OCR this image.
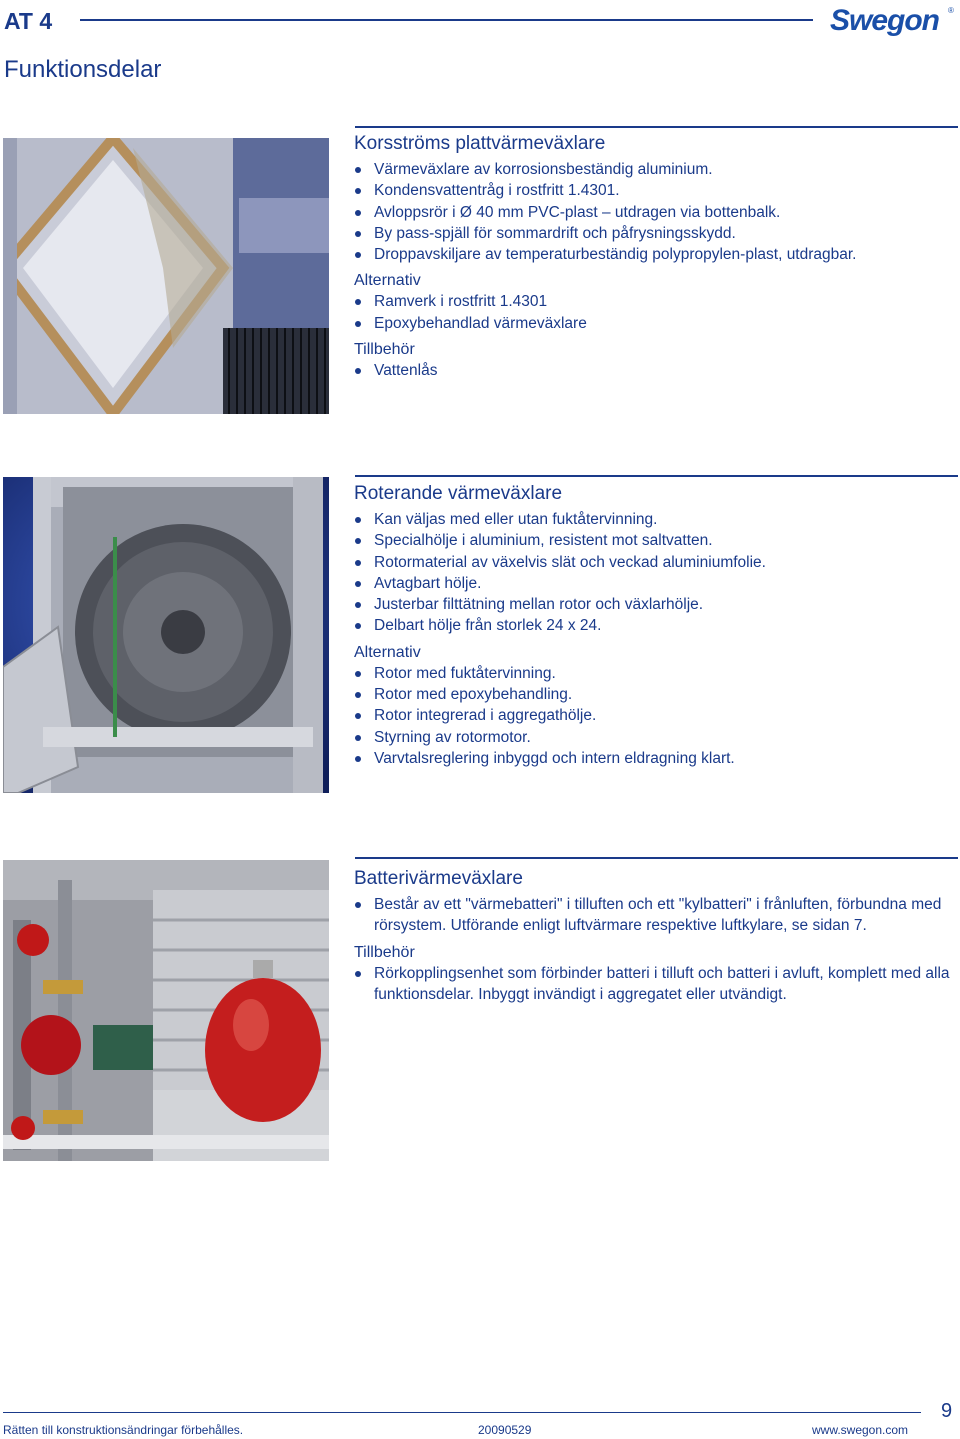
AT 4	Swegon ®
Funktionsdelar
Korsströms plattvärmeväxlare
Värmeväxlare av korrosionsbeständig aluminium.
Kondensvattentråg i rostfritt 1.4301.
Avloppsrör i Ø 40 mm PVC-plast – utdragen via bottenbalk.
By pass-spjäll för sommardrift och påfrysningsskydd.
Droppavskiljare av temperaturbeständig polypropylen-plast, utdragbar.
Alternativ
Ramverk i rostfritt 1.4301
Epoxybehandlad värmeväxlare
Tillbehör
Vattenlås
Roterande värmeväxlare
Kan väljas med eller utan fuktåtervinning.
Specialhölje i aluminium, resistent mot saltvatten.
Rotormaterial av växelvis slät och veckad aluminiumfolie.
Avtagbart hölje.
Justerbar filttätning mellan rotor och växlarhölje.
Delbart hölje från storlek 24 x 24.
Alternativ
Rotor med fuktåtervinning.
Rotor med epoxybehandling.
Rotor integrerad i aggregathölje.
Styrning av rotormotor.
Varvtalsreglering inbyggd och intern eldragning klart.
Batterivärmeväxlare
Består av ett "värmebatteri" i tilluften och ett "kylbatteri" i frånluften, förbundna med rörsystem. Utförande enligt luftvärmare respektive luftkylare, se sidan 7.
Tillbehör
Rörkopplingsenhet som förbinder batteri i tilluft och batteri i avluft, komplett med alla funktionsdelar. Inbyggt invändigt i aggregatet eller utvändigt.
Rätten till konstruktionsändringar förbehålles.	20090529	www.swegon.com
9
